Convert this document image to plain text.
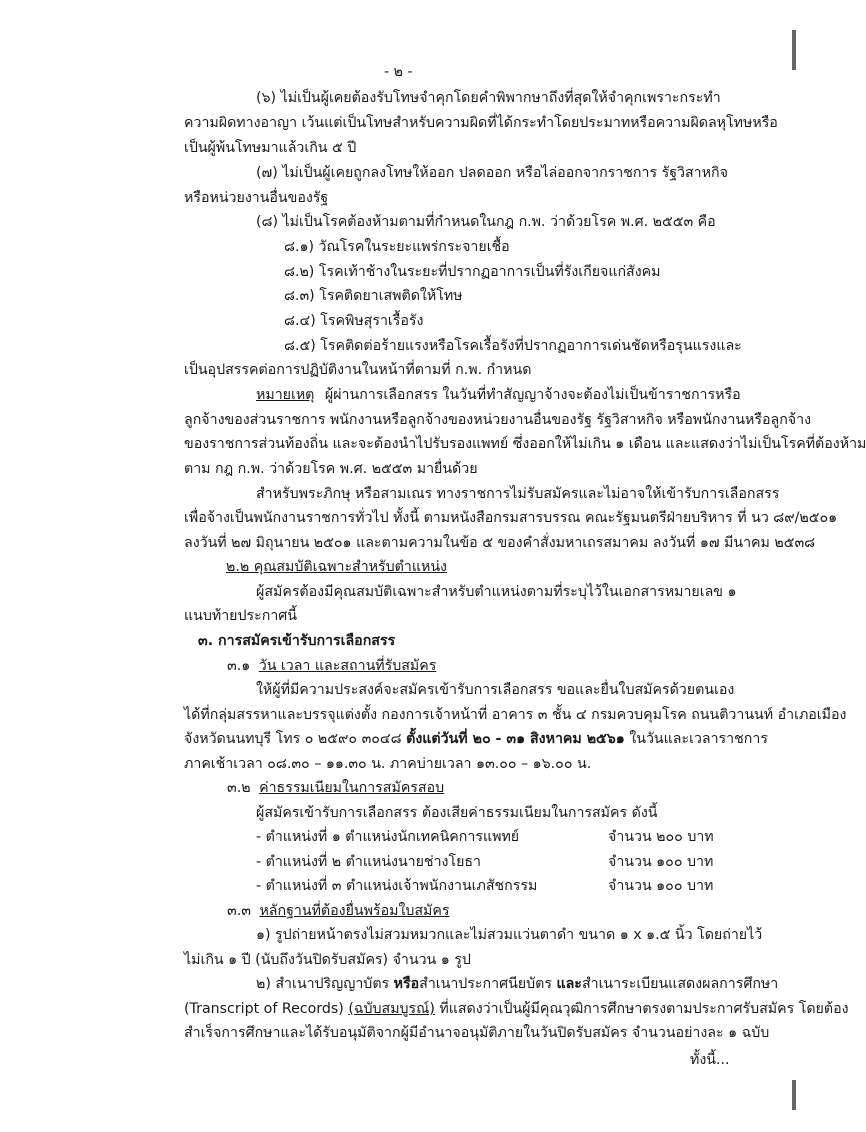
- ๒ -
(๖) ไม่เป็นผู้เคยต้องรับโทษจำคุกโดยคำพิพากษาถึงที่สุดให้จำคุกเพราะกระทำ
ความผิดทางอาญา เว้นแต่เป็นโทษสำหรับความผิดที่ได้กระทำโดยประมาทหรือความผิดลหุโทษหรือ
เป็นผู้พ้นโทษมาแล้วเกิน ๕ ปี
(๗) ไม่เป็นผู้เคยถูกลงโทษให้ออก ปลดออก หรือไล่ออกจากราชการ รัฐวิสาหกิจ
หรือหน่วยงานอื่นของรัฐ
(๘) ไม่เป็นโรคต้องห้ามตามที่กำหนดในกฎ ก.พ. ว่าด้วยโรค พ.ศ. ๒๕๕๓ คือ
๘.๑) วัณโรคในระยะแพร่กระจายเชื้อ
๘.๒) โรคเท้าช้างในระยะที่ปรากฏอาการเป็นที่รังเกียจแก่สังคม
๘.๓) โรคติดยาเสพติดให้โทษ
๘.๔) โรคพิษสุราเรื้อรัง
๘.๕) โรคติดต่อร้ายแรงหรือโรคเรื้อรังที่ปรากฏอาการเด่นชัดหรือรุนแรงและ
เป็นอุปสรรคต่อการปฏิบัติงานในหน้าที่ตามที่ ก.พ. กำหนด
หมายเหตุ ผู้ผ่านการเลือกสรร ในวันที่ทำสัญญาจ้างจะต้องไม่เป็นข้าราชการหรือ
ลูกจ้างของส่วนราชการ พนักงานหรือลูกจ้างของหน่วยงานอื่นของรัฐ รัฐวิสาหกิจ หรือพนักงานหรือลูกจ้าง
ของราชการส่วนท้องถิ่น และจะต้องนำไปรับรองแพทย์ ซึ่งออกให้ไม่เกิน ๑ เดือน และแสดงว่าไม่เป็นโรคที่ต้องห้าม
ตาม กฎ ก.พ. ว่าด้วยโรค พ.ศ. ๒๕๕๓ มายื่นด้วย
สำหรับพระภิกษุ หรือสามเณร ทางราชการไม่รับสมัครและไม่อาจให้เข้ารับการเลือกสรร
เพื่อจ้างเป็นพนักงานราชการทั่วไป ทั้งนี้ ตามหนังสือกรมสารบรรณ คณะรัฐมนตรีฝ่ายบริหาร ที่ นว ๘๙/๒๕๐๑
ลงวันที่ ๒๗ มิถุนายน ๒๕๐๑ และตามความในข้อ ๕ ของคำสั่งมหาเถรสมาคม ลงวันที่ ๑๗ มีนาคม ๒๕๓๘
๒.๒ คุณสมบัติเฉพาะสำหรับตำแหน่ง
ผู้สมัครต้องมีคุณสมบัติเฉพาะสำหรับตำแหน่งตามที่ระบุไว้ในเอกสารหมายเลข ๑
แนบท้ายประกาศนี้
๓. การสมัครเข้ารับการเลือกสรร
๓.๑ วัน เวลา และสถานที่รับสมัคร
ให้ผู้ที่มีความประสงค์จะสมัครเข้ารับการเลือกสรร ขอและยื่นใบสมัครด้วยตนเอง
ได้ที่กลุ่มสรรหาและบรรจุแต่งตั้ง กองการเจ้าหน้าที่ อาคาร ๓ ชั้น ๔ กรมควบคุมโรค ถนนติวานนท์ อำเภอเมือง
จังหวัดนนทบุรี โทร ๐ ๒๕๙๐ ๓๐๔๘ ตั้งแต่วันที่ ๒๐ - ๓๑ สิงหาคม ๒๕๖๑ ในวันและเวลาราชการ
ภาคเช้าเวลา ๐๘.๓๐ – ๑๑.๓๐ น. ภาคบ่ายเวลา ๑๓.๐๐ – ๑๖.๐๐ น.
๓.๒ ค่าธรรมเนียมในการสมัครสอบ
ผู้สมัครเข้ารับการเลือกสรร ต้องเสียค่าธรรมเนียมในการสมัคร ดังนี้
- ตำแหน่งที่ ๑ ตำแหน่งนักเทคนิคการแพทย์	จำนวน ๒๐๐ บาท
- ตำแหน่งที่ ๒ ตำแหน่งนายช่างโยธา	จำนวน ๑๐๐ บาท
- ตำแหน่งที่ ๓ ตำแหน่งเจ้าพนักงานเภสัชกรรม	จำนวน ๑๐๐ บาท
๓.๓ หลักฐานที่ต้องยื่นพร้อมใบสมัคร
๑) รูปถ่ายหน้าตรงไม่สวมหมวกและไม่สวมแว่นตาดำ ขนาด ๑ x ๑.๕ นิ้ว โดยถ่ายไว้
ไม่เกิน ๑ ปี (นับถึงวันปิดรับสมัคร) จำนวน ๑ รูป
๒) สำเนาปริญญาบัตร หรือสำเนาประกาศนียบัตร และสำเนาระเบียนแสดงผลการศึกษา
(Transcript of Records) (ฉบับสมบูรณ์) ที่แสดงว่าเป็นผู้มีคุณวุฒิการศึกษาตรงตามประกาศรับสมัคร โดยต้อง
สำเร็จการศึกษาและได้รับอนุมัติจากผู้มีอำนาจอนุมัติภายในวันปิดรับสมัคร จำนวนอย่างละ ๑ ฉบับ
ทั้งนี้...
